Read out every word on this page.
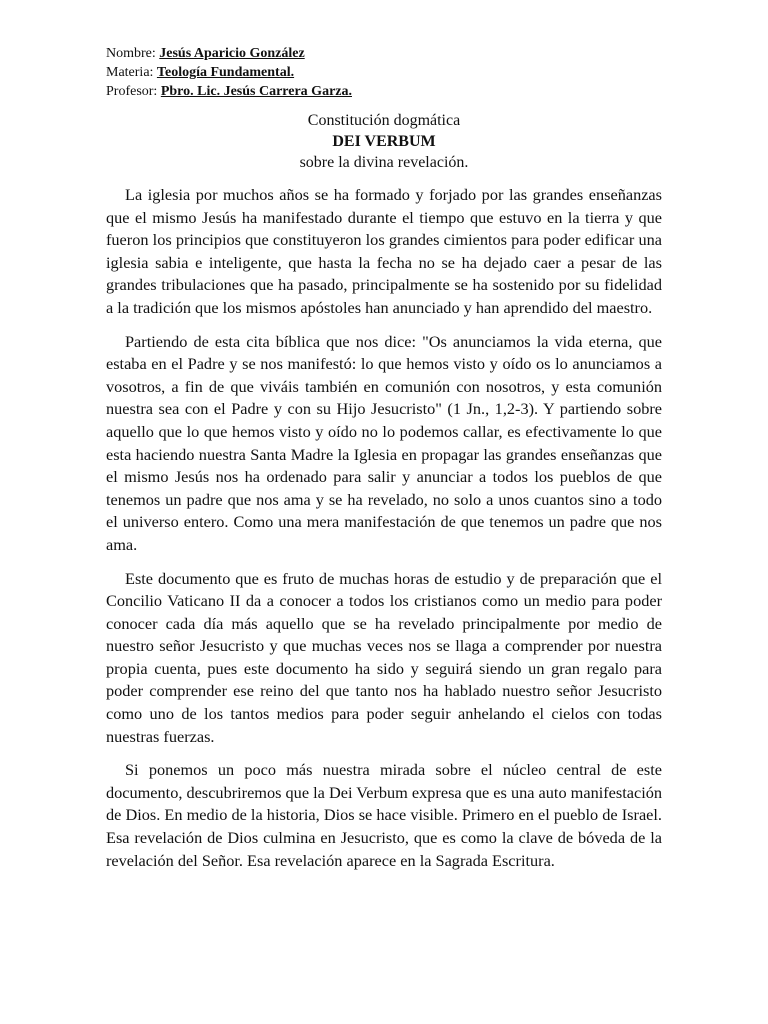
Nombre: Jesús Aparicio González
Materia: Teología Fundamental.
Profesor: Pbro. Lic. Jesús Carrera Garza.
Constitución dogmática
DEI VERBUM
sobre la divina revelación.

La iglesia por muchos años se ha formado y forjado por las grandes enseñanzas que el mismo Jesús ha manifestado durante el tiempo que estuvo en la tierra y que fueron los principios que constituyeron los grandes cimientos para poder edificar una iglesia sabia e inteligente, que hasta la fecha no se ha dejado caer a pesar de las grandes tribulaciones que ha pasado, principalmente se ha sostenido por su fidelidad a la tradición que los mismos apóstoles han anunciado y han aprendido del maestro.

Partiendo de esta cita bíblica que nos dice: "Os anunciamos la vida eterna, que estaba en el Padre y se nos manifestó: lo que hemos visto y oído os lo anunciamos a vosotros, a fin de que viváis también en comunión con nosotros, y esta comunión nuestra sea con el Padre y con su Hijo Jesucristo" (1 Jn., 1,2-3). Y partiendo sobre aquello que lo que hemos visto y oído no lo podemos callar, es efectivamente lo que esta haciendo nuestra Santa Madre la Iglesia en propagar las grandes enseñanzas que el mismo Jesús nos ha ordenado para salir y anunciar a todos los pueblos de que tenemos un padre que nos ama y se ha revelado, no solo a unos cuantos sino a todo el universo entero. Como una mera manifestación de que tenemos un padre que nos ama.

Este documento que es fruto de muchas horas de estudio y de preparación que el Concilio Vaticano II da a conocer a todos los cristianos como un medio para poder conocer cada día más aquello que se ha revelado principalmente por medio de nuestro señor Jesucristo y que muchas veces nos se llaga a comprender por nuestra propia cuenta, pues este documento ha sido y seguirá siendo un gran regalo para poder comprender ese reino del que tanto nos ha hablado nuestro señor Jesucristo como uno de los tantos medios para poder seguir anhelando el cielos con todas nuestras fuerzas.

Si ponemos un poco más nuestra mirada sobre el núcleo central de este documento, descubriremos que la Dei Verbum expresa que es una auto manifestación de Dios. En medio de la historia, Dios se hace visible. Primero en el pueblo de Israel. Esa revelación de Dios culmina en Jesucristo, que es como la clave de bóveda de la revelación del Señor. Esa revelación aparece en la Sagrada Escritura.
